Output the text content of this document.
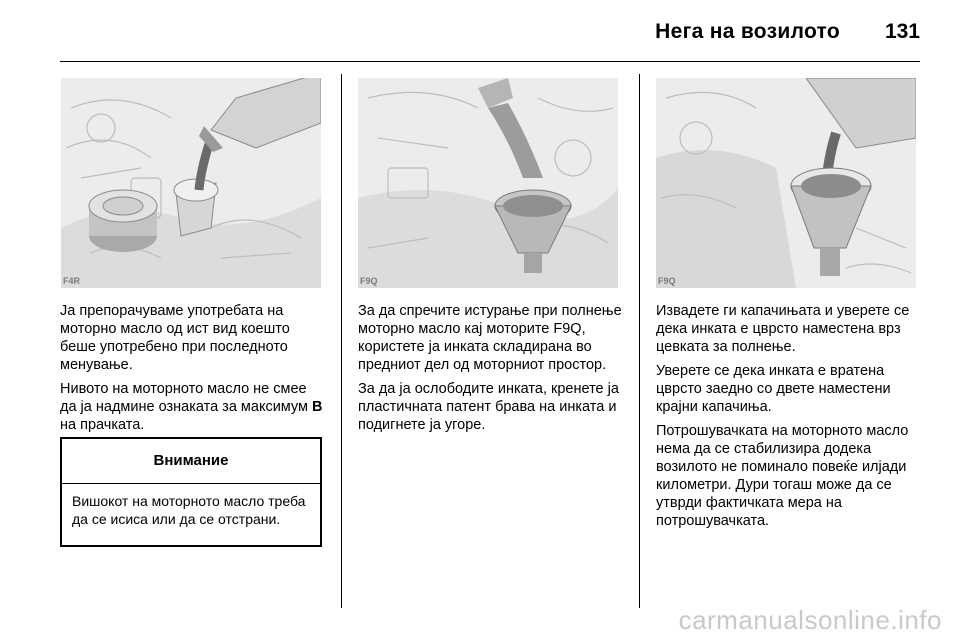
Нега на возилото 131
F4R	F9Q	F9Q

Ја препорачуваме употребата на моторно масло од ист вид коешто беше употребено при последното менување.

Нивото на моторното масло не смее да ја надмине ознаката за максимум B на прачката.

Внимание
Вишокот на моторното масло треба да се исиса или да се отстрани.

За да спречите истурање при полнење моторно масло кај моторите F9Q, користете ја инката складирана во предниот дел од моторниот простор.

За да ја ослободите инката, кренете ја пластичната патент брава на инката и подигнете ја угоре.

Извадете ги капачињата и уверете се дека инката е цврсто наместена врз цевката за полнење.

Уверете се дека инката е вратена цврсто заедно со двете наместени крајни капачиња.

Потрошувачката на моторното масло нема да се стабилизира додека возилото не поминало повеќе илјади километри. Дури тогаш може да се утврди фактичката мера на потрошувачката.

carmanualsonline.info
